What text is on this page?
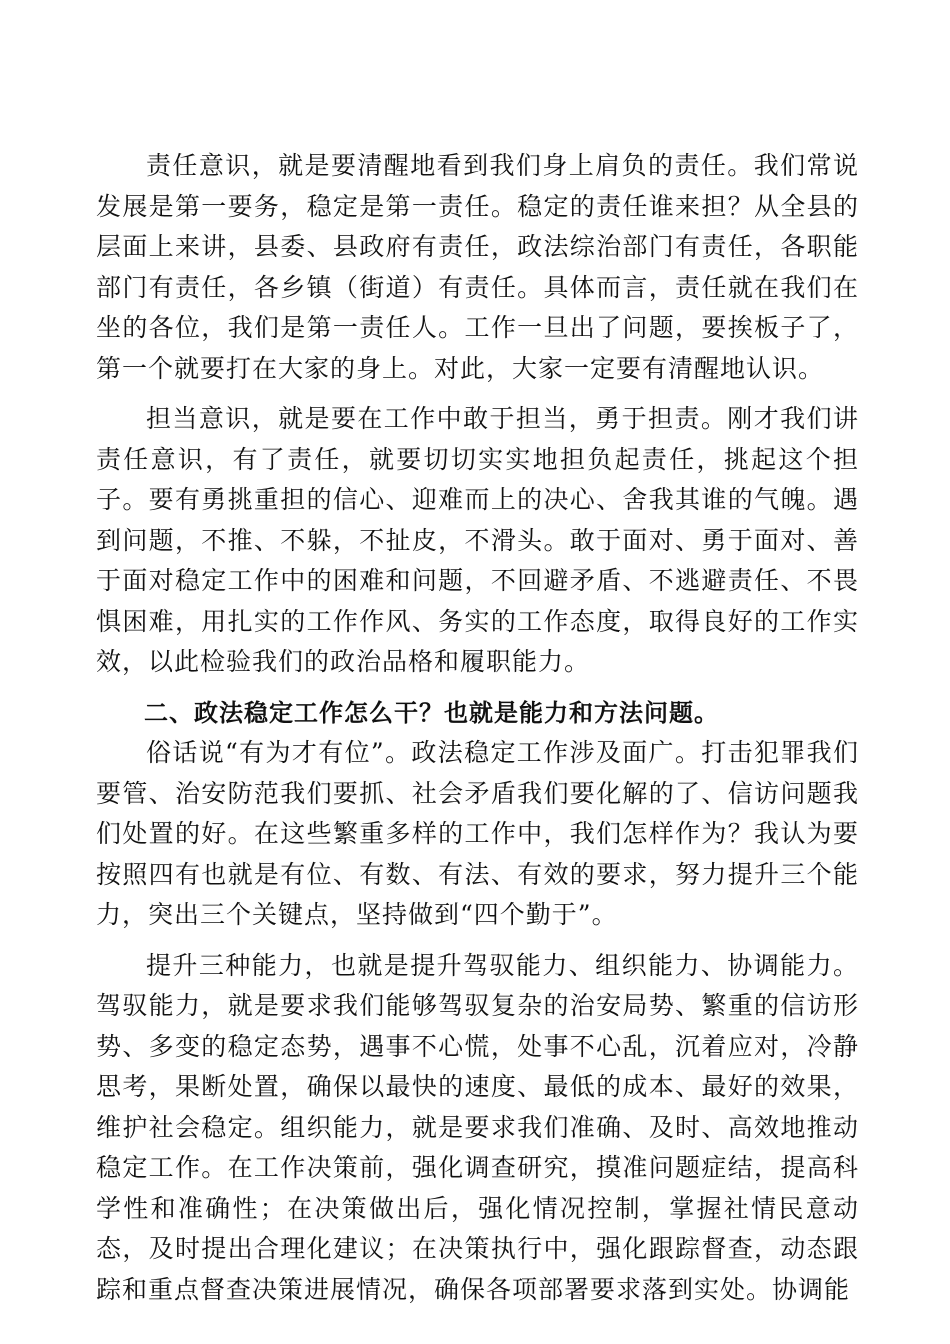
责任意识，就是要清醒地看到我们身上肩负的责任。我们常说发展是第一要务，稳定是第一责任。稳定的责任谁来担？从全县的层面上来讲，县委、县政府有责任，政法综治部门有责任，各职能部门有责任，各乡镇（街道）有责任。具体而言，责任就在我们在坐的各位，我们是第一责任人。工作一旦出了问题，要挨板子了，第一个就要打在大家的身上。对此，大家一定要有清醒地认识。

担当意识，就是要在工作中敢于担当，勇于担责。刚才我们讲责任意识，有了责任，就要切切实实地担负起责任，挑起这个担子。要有勇挑重担的信心、迎难而上的决心、舍我其谁的气魄。遇到问题，不推、不躲，不扯皮，不滑头。敢于面对、勇于面对、善于面对稳定工作中的困难和问题，不回避矛盾、不逃避责任、不畏惧困难，用扎实的工作作风、务实的工作态度，取得良好的工作实效，以此检验我们的政治品格和履职能力。

二、政法稳定工作怎么干？也就是能力和方法问题。

俗话说“有为才有位”。政法稳定工作涉及面广。打击犯罪我们要管、治安防范我们要抓、社会矛盾我们要化解的了、信访问题我们处置的好。在这些繁重多样的工作中，我们怎样作为？我认为要按照四有也就是有位、有数、有法、有效的要求，努力提升三个能力，突出三个关键点，坚持做到“四个勤于”。

提升三种能力，也就是提升驾驭能力、组织能力、协调能力。驾驭能力，就是要求我们能够驾驭复杂的治安局势、繁重的信访形势、多变的稳定态势，遇事不心慌，处事不心乱，沉着应对，冷静思考，果断处置，确保以最快的速度、最低的成本、最好的效果，维护社会稳定。组织能力，就是要求我们准确、及时、高效地推动稳定工作。在工作决策前，强化调查研究，摸准问题症结，提高科学性和准确性；在决策做出后，强化情况控制，掌握社情民意动态，及时提出合理化建议；在决策执行中，强化跟踪督查，动态跟踪和重点督查决策进展情况，确保各项部署要求落到实处。协调能
